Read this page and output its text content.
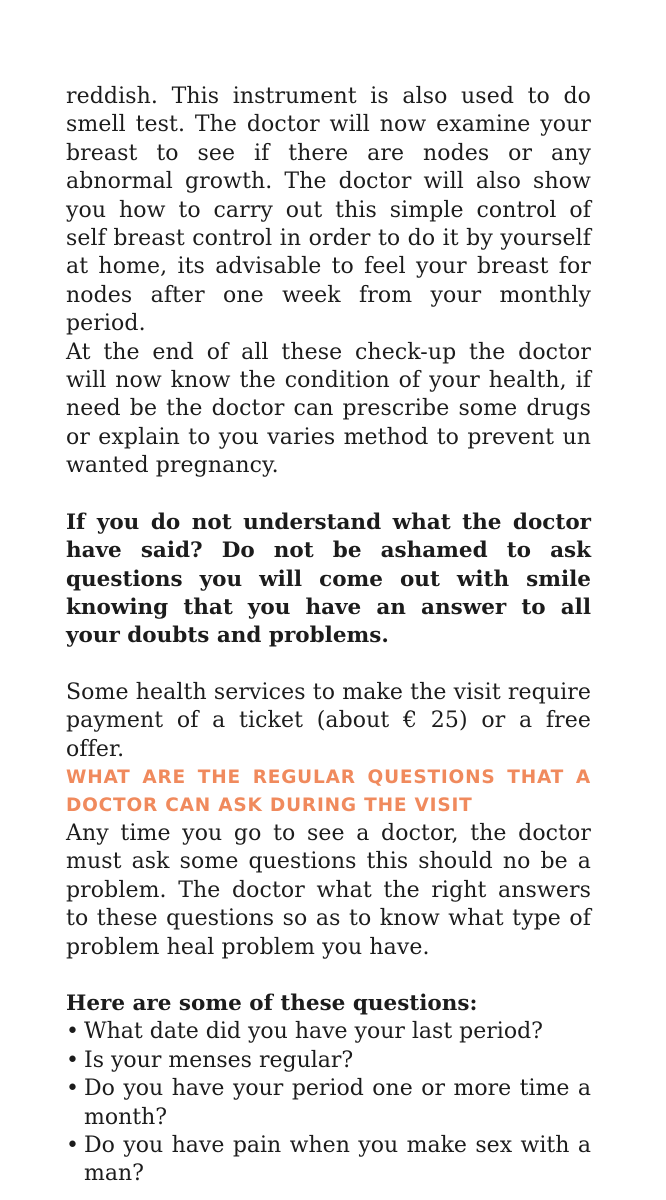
reddish. This instrument is also used to do smell test. The doctor will now examine your breast to see if there are nodes or any abnormal growth. The doctor will also show you how to carry out this simple control of self breast control in order to do it by yourself at home, its advisable to feel your breast for nodes after one week from your monthly period.

At the end of all these check-up the doctor will now know the condition of your health, if need be the doctor can prescribe some drugs or explain to you varies method to prevent un wanted pregnancy.

If you do not understand what the doctor have said? Do not be ashamed to ask questions you will come out with smile knowing that you have an answer to all your doubts and problems.

Some health services to make the visit require payment of a ticket (about € 25) or a free offer.

WHAT ARE THE REGULAR QUESTIONS THAT A
DOCTOR CAN ASK DURING THE VISIT

Any time you go to see a doctor, the doctor must ask some questions this should no be a problem. The doctor what the right answers to these questions so as to know what type of problem heal problem you have.

Here are some of these questions:

• What date did you have your last period?
• Is your menses regular?
• Do you have your period one or more time a month?
• Do you have pain when you make sex with a man?
